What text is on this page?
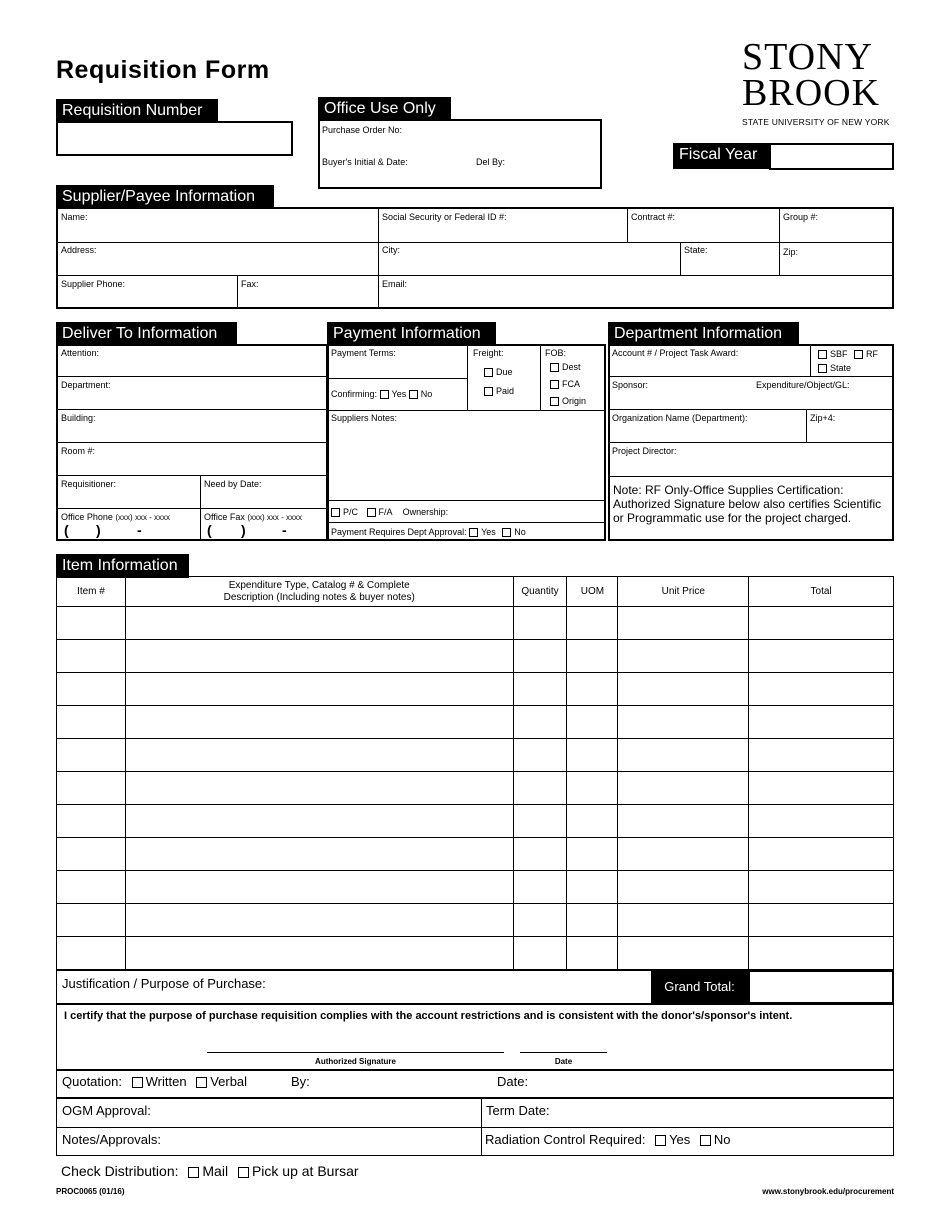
Requisition Form	STONY
BROOK
STATE UNIVERSITY OF NEW YORK
Requisition Number	Office Use Only
Purchase Order No:
Buyer's Initial & Date:	Del By:	Fiscal Year
Supplier/Payee Information
Name:	Social Security or Federal ID #:	Contract #:	Group #:
Address:	City:	State:	Zip:
Supplier Phone:	Fax:	Email:
Deliver To Information
Attention:
Department:
Building:
Room #:
Requisitioner:	Need by Date:
Office Phone (xxx) xxx - xxxx	Office Fax (xxx) xxx - xxxx
( )	-	( )	-
Payment Information
Payment Terms:	Freight:
Due
Paid
FOB:
Dest
FCA
Origin
Confirming: Yes No
Suppliers Notes:
P/C F/A Ownership:
Payment Requires Dept Approval: Yes No
Department Information
Account # / Project Task Award:	SBF RF
State
Sponsor:	Expenditure/Object/GL:
Organization Name (Department):	Zip+4:
Project Director:
Note: RF Only-Office Supplies Certification: Authorized Signature below also certifies Scientific or Programmatic use for the project charged.
Item Information
Item #	Expenditure Type, Catalog # & Complete Description (Including notes & buyer notes)	Quantity	UOM	Unit Price	Total

Justification / Purpose of Purchase:	Grand Total:
I certify that the purpose of purchase requisition complies with the account restrictions and is consistent with the donor's/sponsor's intent.
Authorized Signature	Date
Quotation: Written Verbal	By:	Date:
OGM Approval:	Term Date:
Notes/Approvals:	Radiation Control Required: Yes No
Check Distribution: Mail Pick up at Bursar
PROC0065 (01/16)	www.stonybrook.edu/procurement
